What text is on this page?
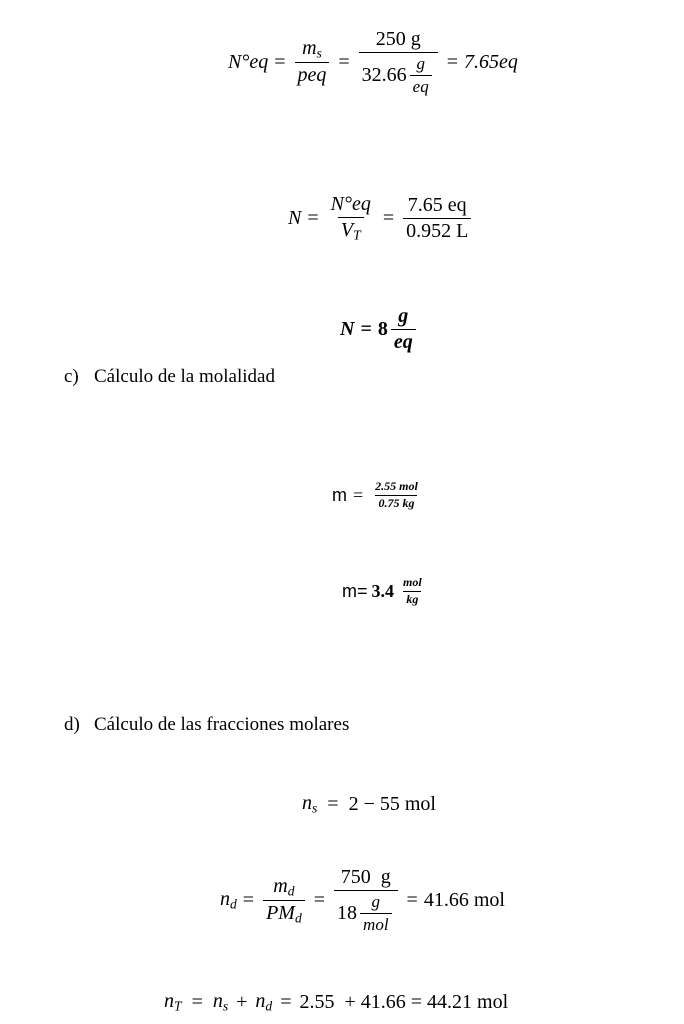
$N^\circ eq = \frac{m_s}{\text{peq}} = \frac{250 g}{32.66 \frac{g}{eq}} = 7.65eq$
$N = \frac{N^\circ eq}{V_T} = \frac{7.65 eq}{0.952 L}$
$N = 8 \frac{g}{eq}$
c) Cálculo de la molalidad
$m = \frac{\text{2.55 mol}}{0.75 kg}$
$m= 3.4 \frac{\text{mol}}{kg}$
d) Cálculo de las fracciones molares
$n_s = 2 - 55$ mol
$n_d = \frac{m_d}{PM_d} = \frac{750 g}{18 \frac{g}{\text{mol}}} = 41.66$ mol
$n_T = n_s + n_d = 2.55 + 41.66 = 44.21$ mol
